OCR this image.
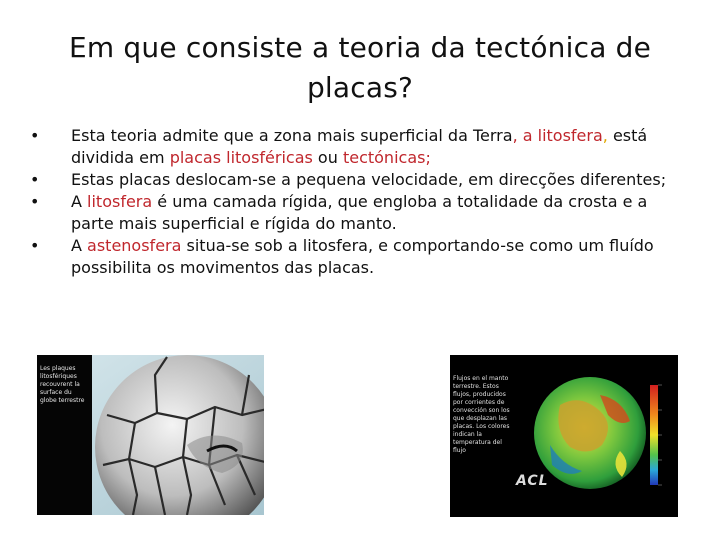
Em que consiste a teoria da tectónica de placas?
•	Esta teoria admite que a zona mais superficial da Terra, a litosfera, está dividida em placas litosféricas ou tectónicas;
•	Estas placas deslocam-se a pequena velocidade, em direcções diferentes;
•	A litosfera é uma camada rígida, que engloba a totalidade da crosta e a parte mais superficial e rígida do manto.
•	A astenosfera situa-se sob a litosfera, e comportando-se como um fluído possibilita os movimentos das placas.
Les plaques litosfériques recouvrent la surface du globe terrestre
Flujos en el manto terrestre. Estos flujos, producidos por corrientes de convección son los que desplazan las placas. Los colores indican la temperatura del flujo
ACL
